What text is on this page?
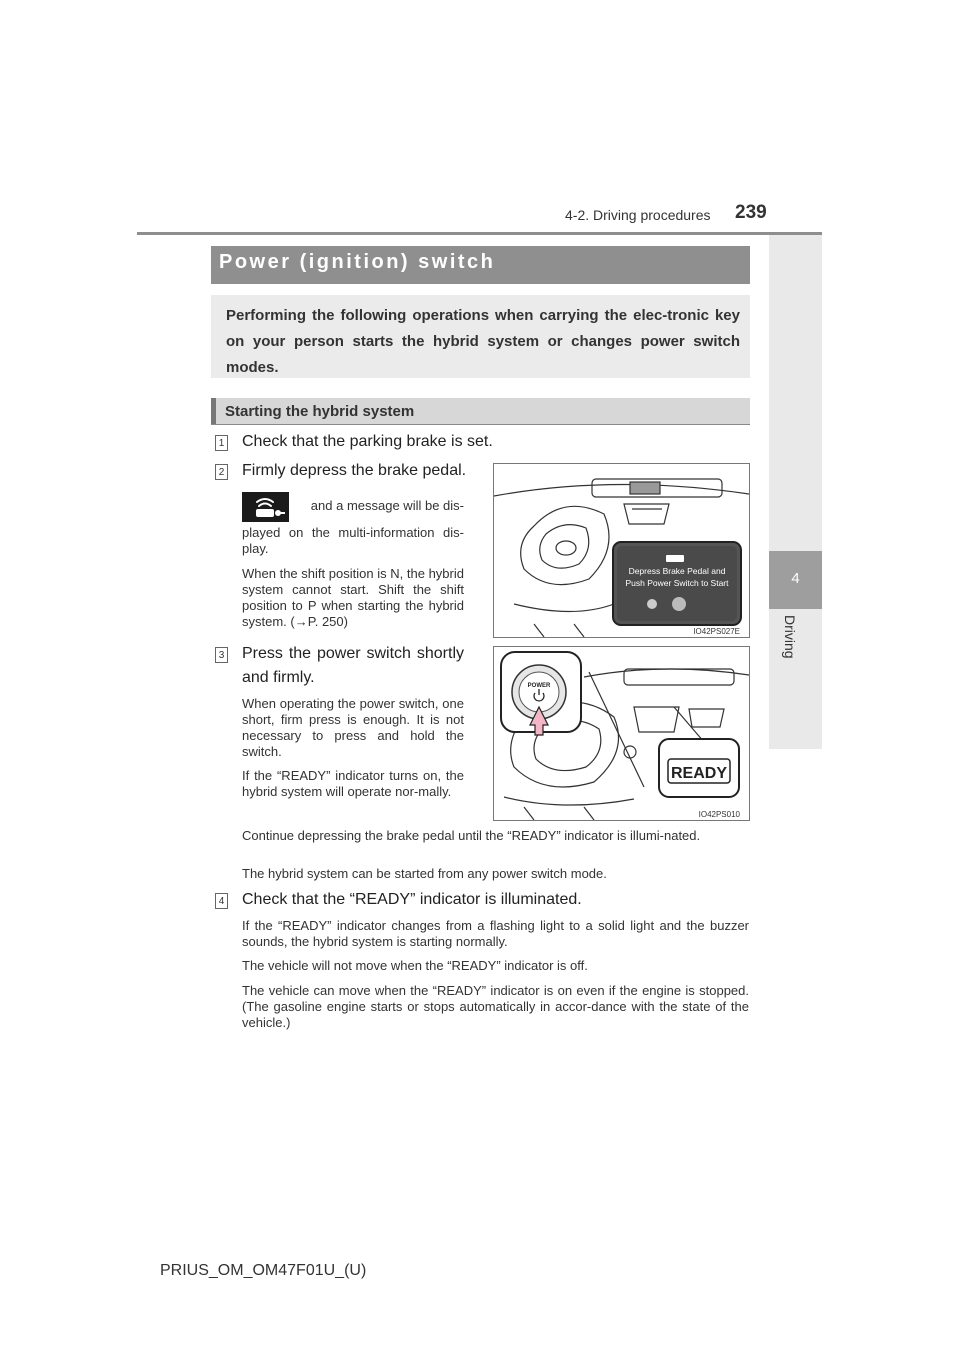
4-2. Driving procedures 239
4
Driving
Power (ignition) switch
Performing the following operations when carrying the elec-tronic key on your person starts the hybrid system or changes power switch modes.
Starting the hybrid system
1 Check that the parking brake is set.
2 Firmly depress the brake pedal.
and a message will be dis-
played on the multi-information dis-play.
When the shift position is N, the hybrid system cannot start. Shift the shift position to P when starting the hybrid system. (→P. 250)
Depress Brake Pedal and
Push Power Switch to Start
IO42PS027E
3 Press the power switch shortly and firmly.
When operating the power switch, one short, firm press is enough. It is not necessary to press and hold the switch.
If the “READY” indicator turns on, the hybrid system will operate nor-mally.
POWER
READY
IO42PS010
Continue depressing the brake pedal until the “READY” indicator is illumi-nated.
The hybrid system can be started from any power switch mode.
4 Check that the “READY” indicator is illuminated.
If the “READY” indicator changes from a flashing light to a solid light and the buzzer sounds, the hybrid system is starting normally.
The vehicle will not move when the “READY” indicator is off.
The vehicle can move when the “READY” indicator is on even if the engine is stopped. (The gasoline engine starts or stops automatically in accor-dance with the state of the vehicle.)
PRIUS_OM_OM47F01U_(U)
